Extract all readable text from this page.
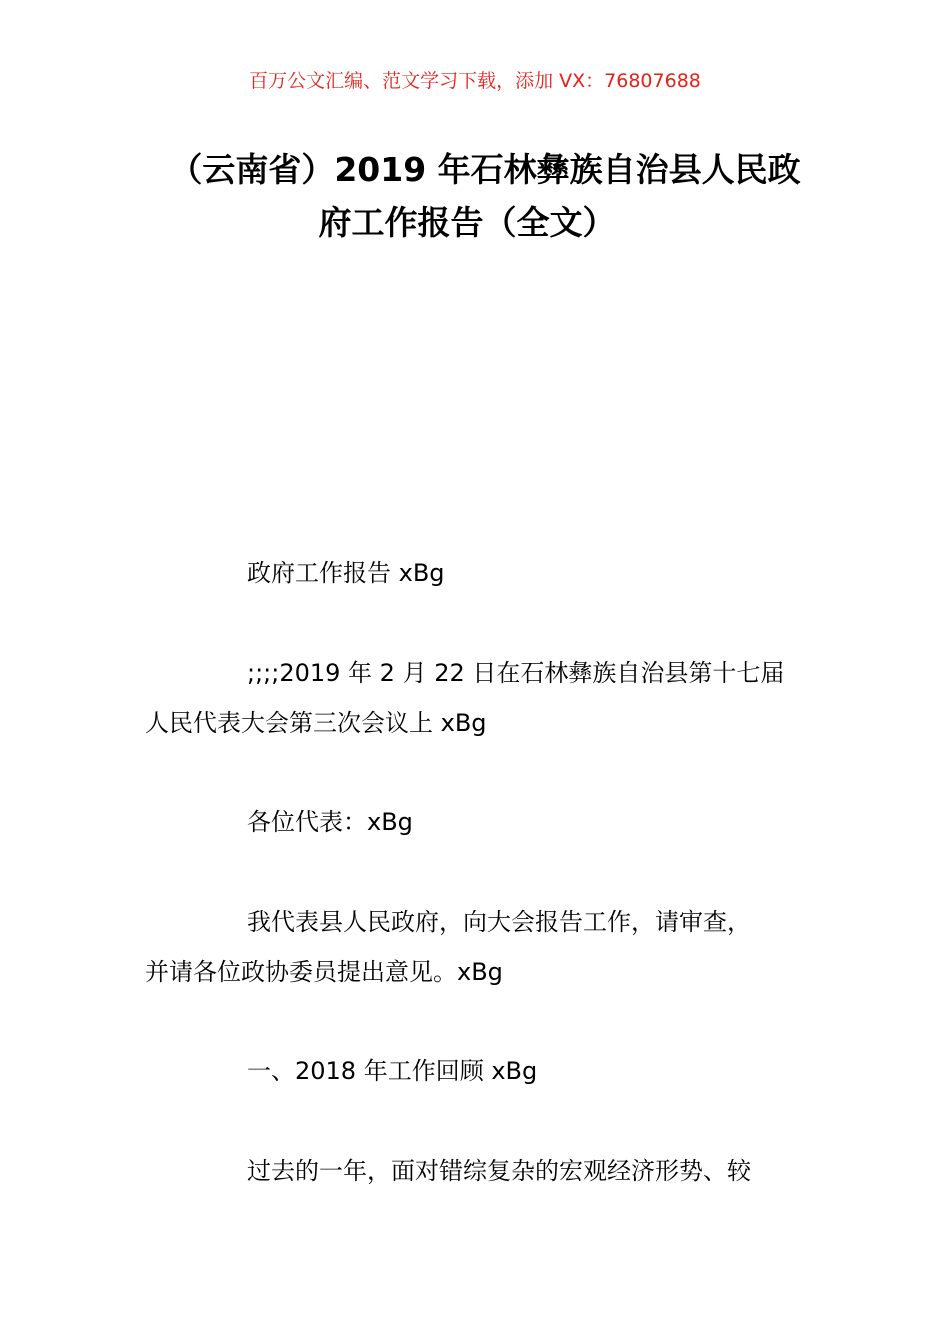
百万公文汇编、范文学习下载，添加 VX：76807688
（云南省）2019 年石林彝族自治县人民政
府工作报告（全文）
政府工作报告 xBg
;;;;2019 年 2 月 22 日在石林彝族自治县第十七届
人民代表大会第三次会议上 xBg
各位代表：xBg
我代表县人民政府，向大会报告工作，请审查，
并请各位政协委员提出意见。xBg
一、2018 年工作回顾 xBg
过去的一年，面对错综复杂的宏观经济形势、较
